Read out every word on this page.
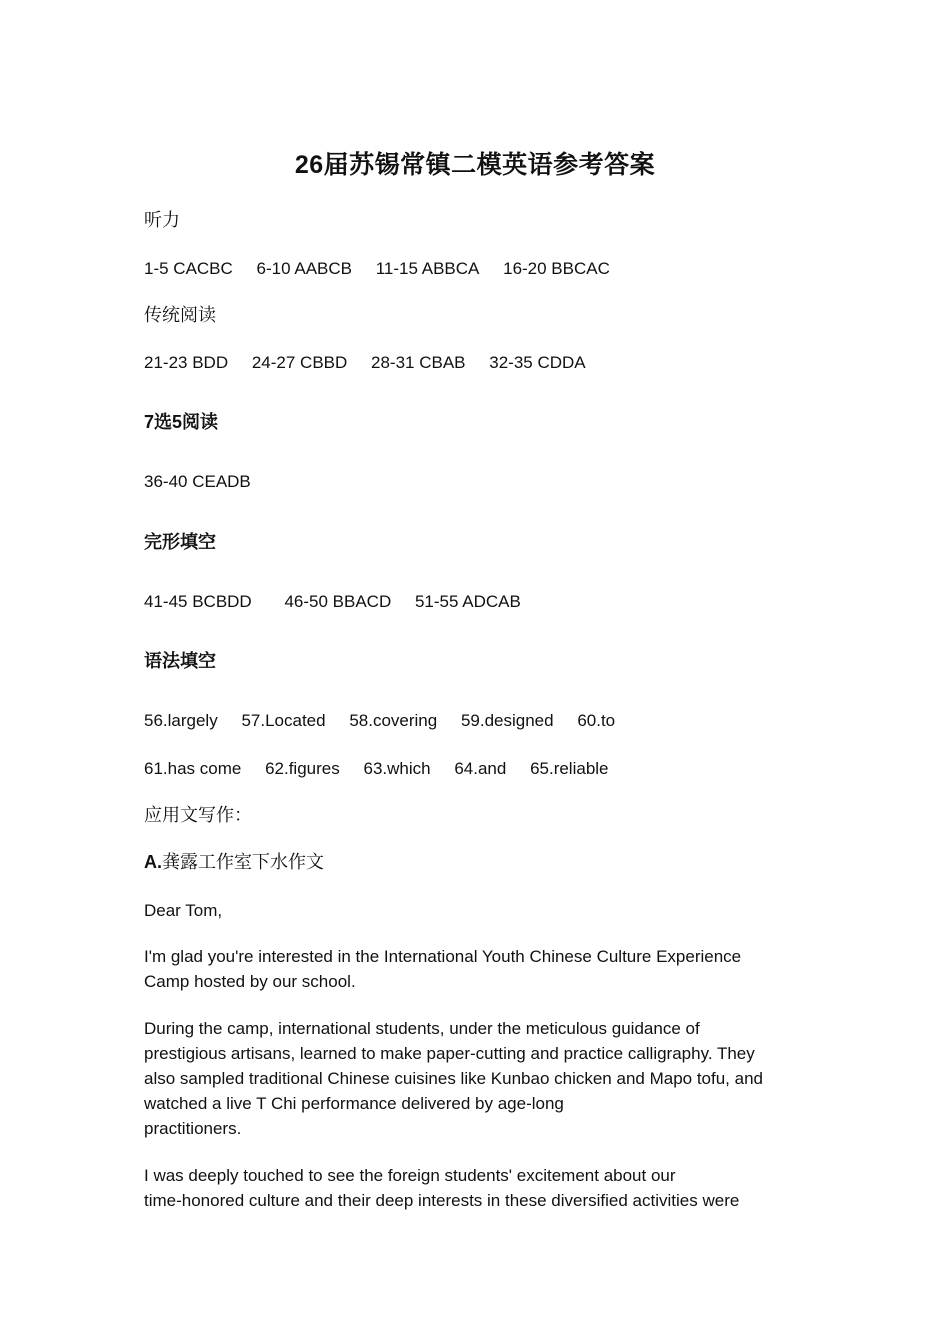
26届苏锡常镇二模英语参考答案
听力
1-5 CACBC 6-10 AABCB 11-15 ABBCA 16-20 BBCAC
传统阅读
21-23 BDD 24-27 CBBD 28-31 CBAB 32-35 CDDA
7选5阅读
36-40 CEADB
完形填空
41-45 BCBDD 46-50 BBACD 51-55 ADCAB
语法填空
56.largely 57.Located 58.covering 59.designed 60.to
61.has come 62.figures 63.which 64.and 65.reliable
应用文写作：
A.龚露工作室下水作文
Dear Tom,
I'm glad you're interested in the International Youth Chinese Culture Experience
Camp hosted by our school.
During the camp, international students, under the meticulous guidance of
prestigious artisans, learned to make paper-cutting and practice calligraphy. They
also sampled traditional Chinese cuisines like Kunbao chicken and Mapo tofu, and
watched a live T Chi performance delivered by age-long
practitioners.
I was deeply touched to see the foreign students' excitement about our
time-honored culture and their deep interests in these diversified activities were
